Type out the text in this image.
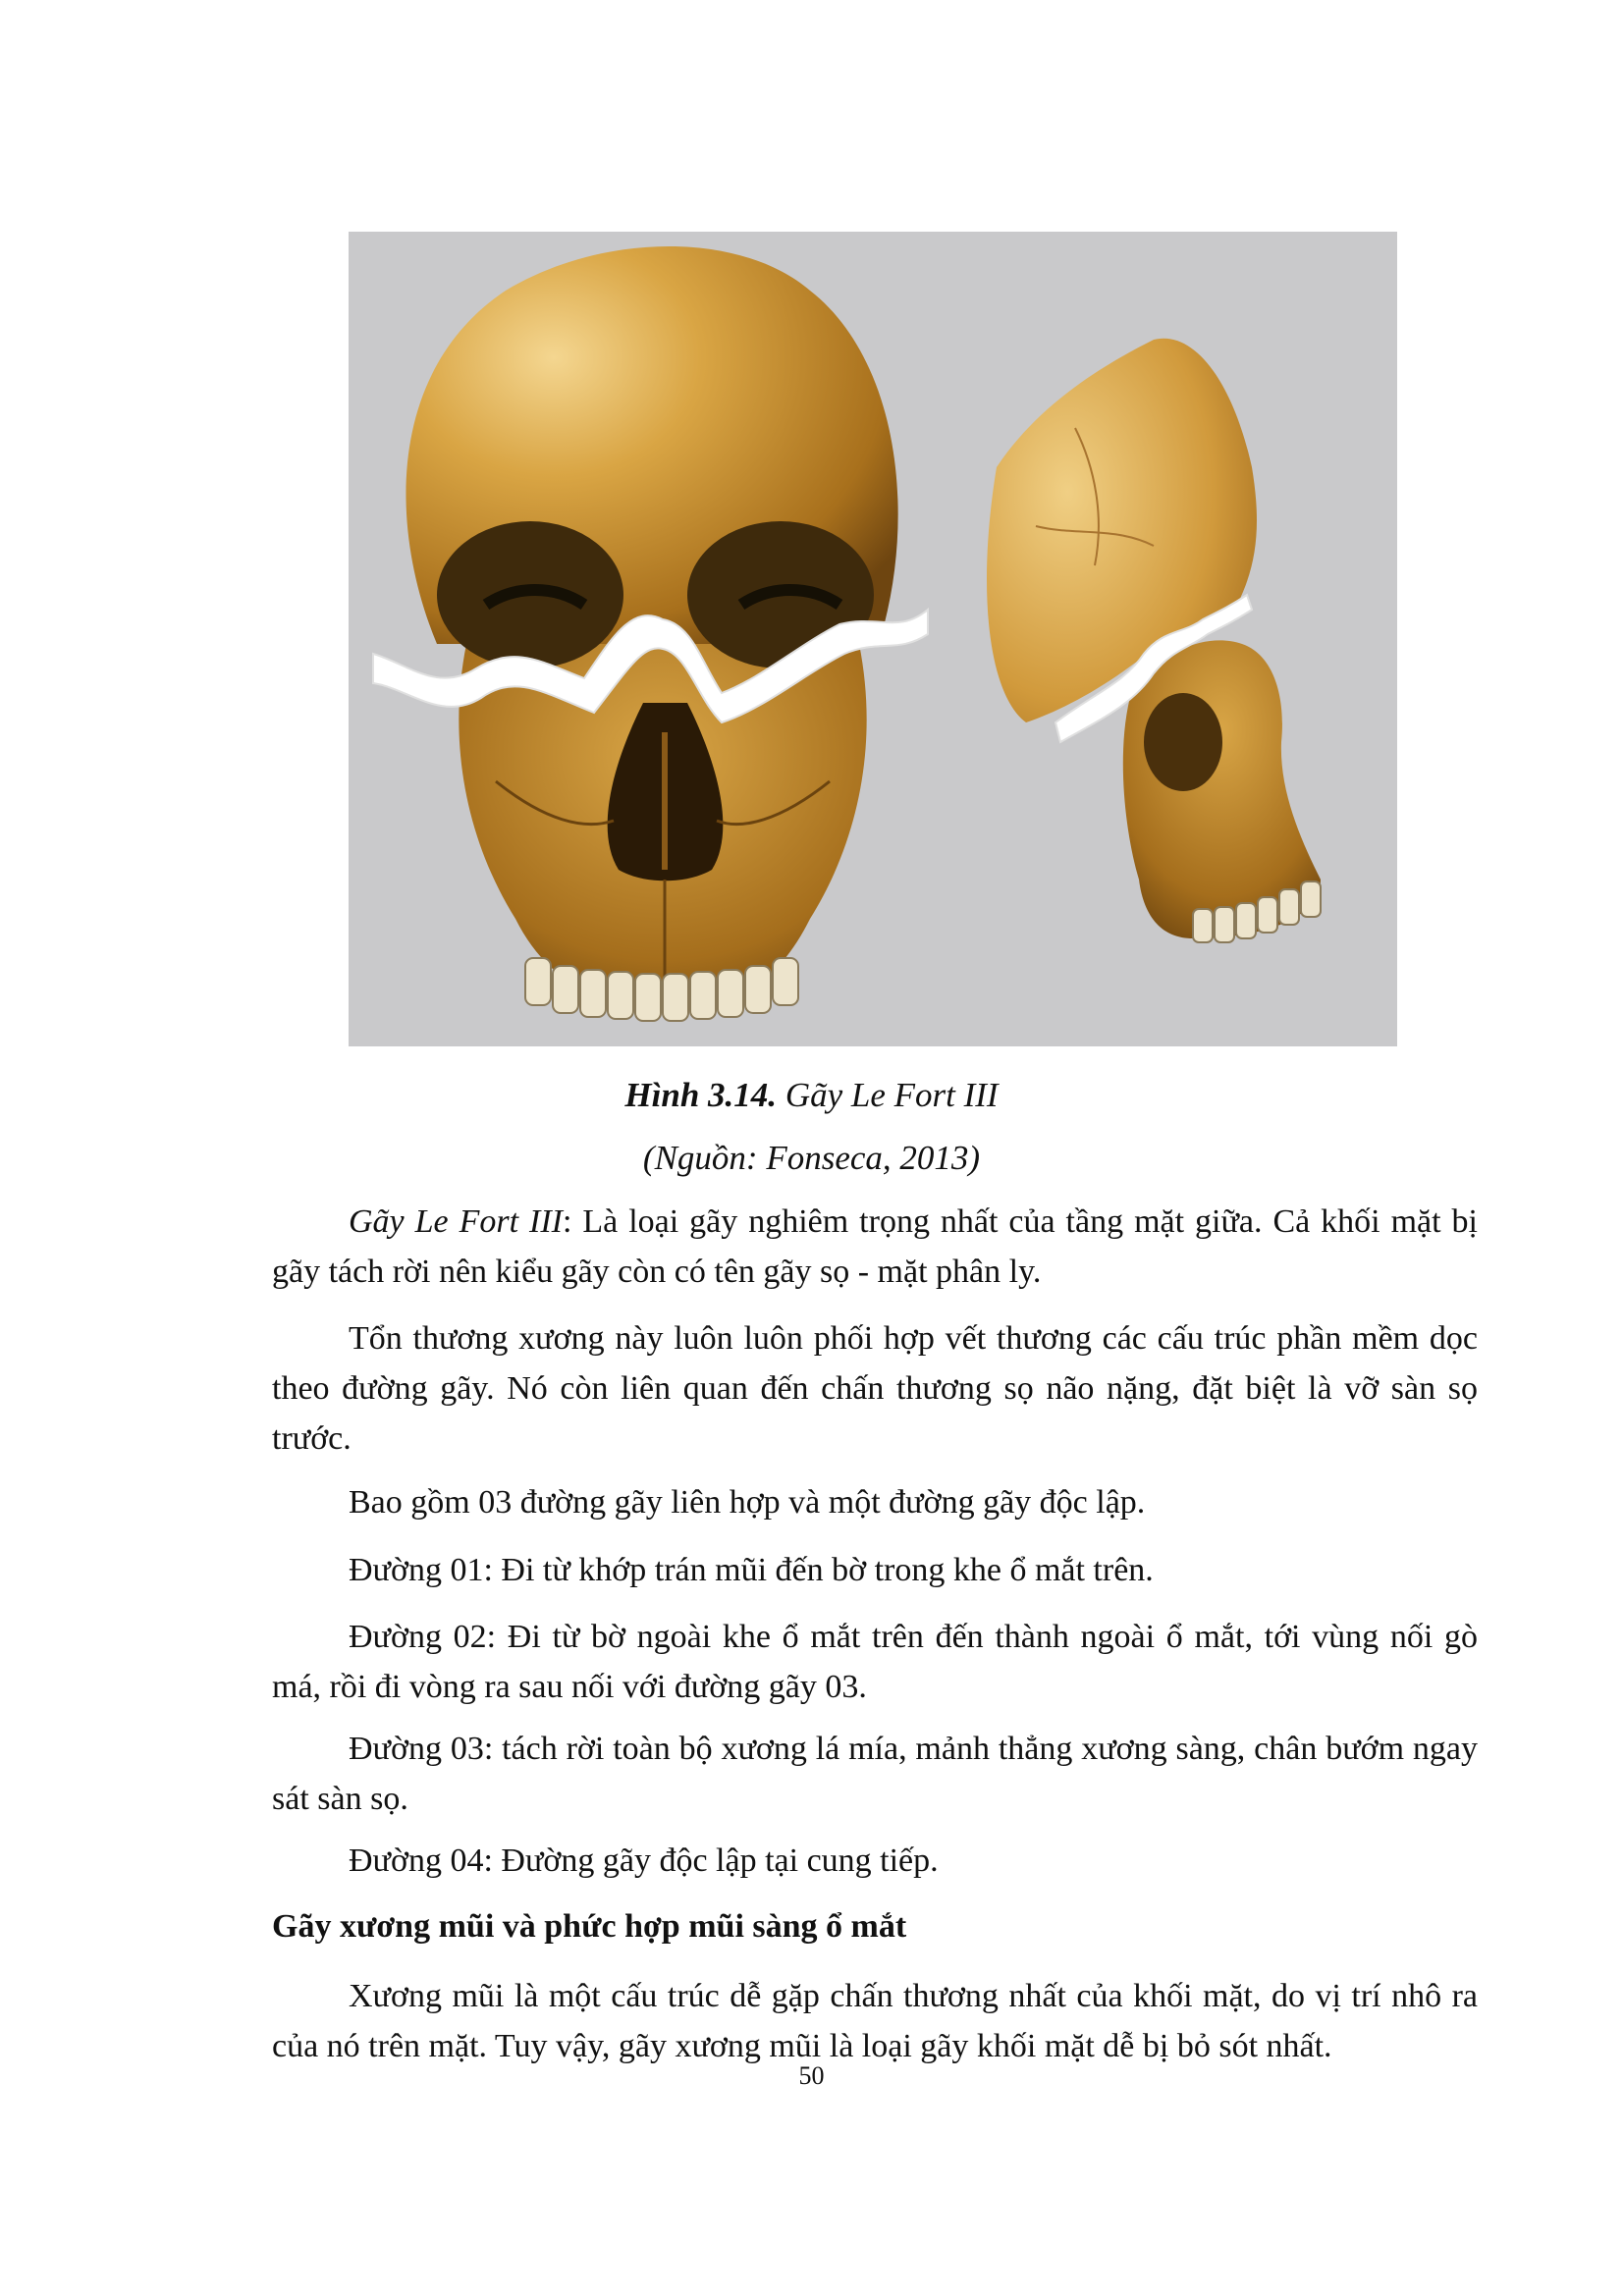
Hình 3.14. Gãy Le Fort III
(Nguồn: Fonseca, 2013)
Gãy Le Fort III: Là loại gãy nghiêm trọng nhất của tầng mặt giữa. Cả khối mặt bị gãy tách rời nên kiểu gãy còn có tên gãy sọ - mặt phân ly.
Tổn thương xương này luôn luôn phối hợp vết thương các cấu trúc phần mềm dọc theo đường gãy. Nó còn liên quan đến chấn thương sọ não nặng, đặt biệt là vỡ sàn sọ trước.
Bao gồm 03 đường gãy liên hợp và một đường gãy độc lập.
Đường 01: Đi từ khớp trán mũi đến bờ trong khe ổ mắt trên.
Đường 02: Đi từ bờ ngoài khe ổ mắt trên đến thành ngoài ổ mắt, tới vùng nối gò má, rồi đi vòng ra sau nối với đường gãy 03.
Đường 03: tách rời toàn bộ xương lá mía, mảnh thẳng xương sàng, chân bướm ngay sát sàn sọ.
Đường 04: Đường gãy độc lập tại cung tiếp.
Gãy xương mũi và phức hợp mũi sàng ổ mắt
Xương mũi là một cấu trúc dễ gặp chấn thương nhất của khối mặt, do vị trí nhô ra của nó trên mặt. Tuy vậy, gãy xương mũi là loại gãy khối mặt dễ bị bỏ sót nhất.
50
